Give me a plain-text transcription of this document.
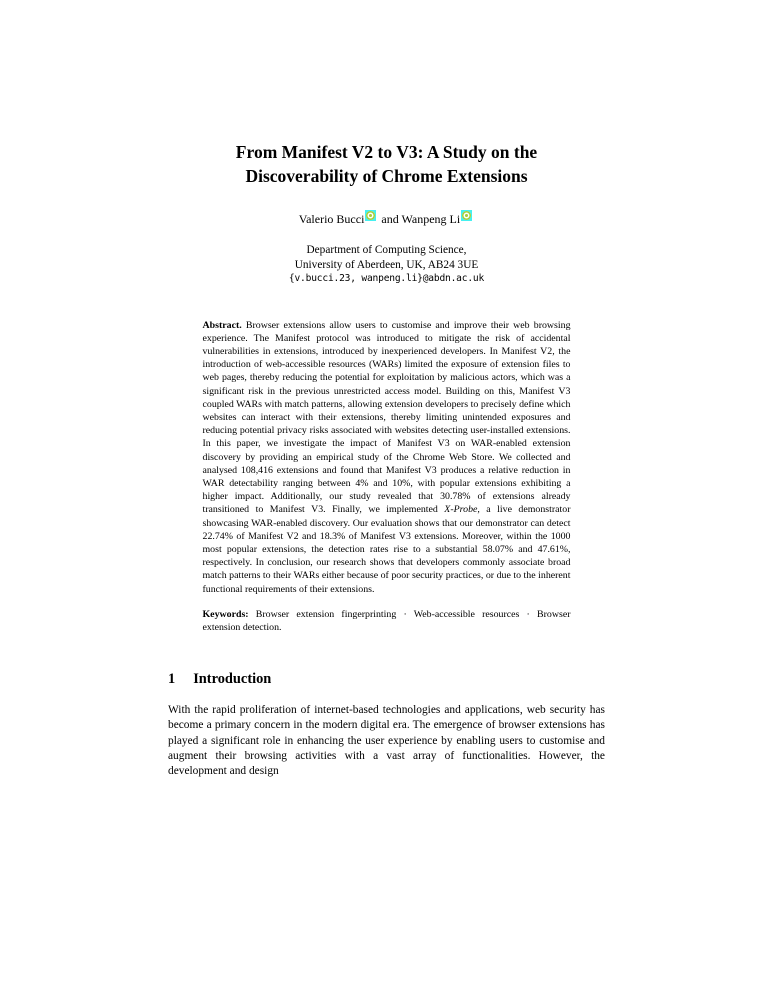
From Manifest V2 to V3: A Study on the
Discoverability of Chrome Extensions
Valerio Bucci
and Wanpeng Li
Department of Computing Science,
University of Aberdeen, UK, AB24 3UE
{v.bucci.23, wanpeng.li}@abdn.ac.uk

Abstract. Browser extensions allow users to customise and improve their web browsing experience. The Manifest protocol was introduced to mitigate the risk of accidental vulnerabilities in extensions, introduced by inexperienced developers. In Manifest V2, the introduction of web-accessible resources (WARs) limited the exposure of extension files to web pages, thereby reducing the potential for exploitation by malicious actors, which was a significant risk in the previous unrestricted access model. Building on this, Manifest V3 coupled WARs with match patterns, allowing extension developers to precisely define which websites can interact with their extensions, thereby limiting unintended exposures and reducing potential privacy risks associated with websites detecting user-installed extensions. In this paper, we investigate the impact of Manifest V3 on WAR-enabled extension discovery by providing an empirical study of the Chrome Web Store. We collected and analysed 108,416 extensions and found that Manifest V3 produces a relative reduction in WAR detectability ranging between 4% and 10%, with popular extensions exhibiting a higher impact. Additionally, our study revealed that 30.78% of extensions already transitioned to Manifest V3. Finally, we implemented X-Probe, a live demonstrator showcasing WAR-enabled discovery. Our evaluation shows that our demonstrator can detect 22.74% of Manifest V2 and 18.3% of Manifest V3 extensions. Moreover, within the 1000 most popular extensions, the detection rates rise to a substantial 58.07% and 47.61%, respectively. In conclusion, our research shows that developers commonly associate broad match patterns to their WARs either because of poor security practices, or due to the inherent functional requirements of their extensions.

Keywords: Browser extension fingerprinting · Web-accessible resources · Browser extension detection.
1 Introduction

With the rapid proliferation of internet-based technologies and applications, web security has become a primary concern in the modern digital era. The emergence of browser extensions has played a significant role in enhancing the user experience by enabling users to customise and augment their browsing activities with a vast array of functionalities. However, the development and design
